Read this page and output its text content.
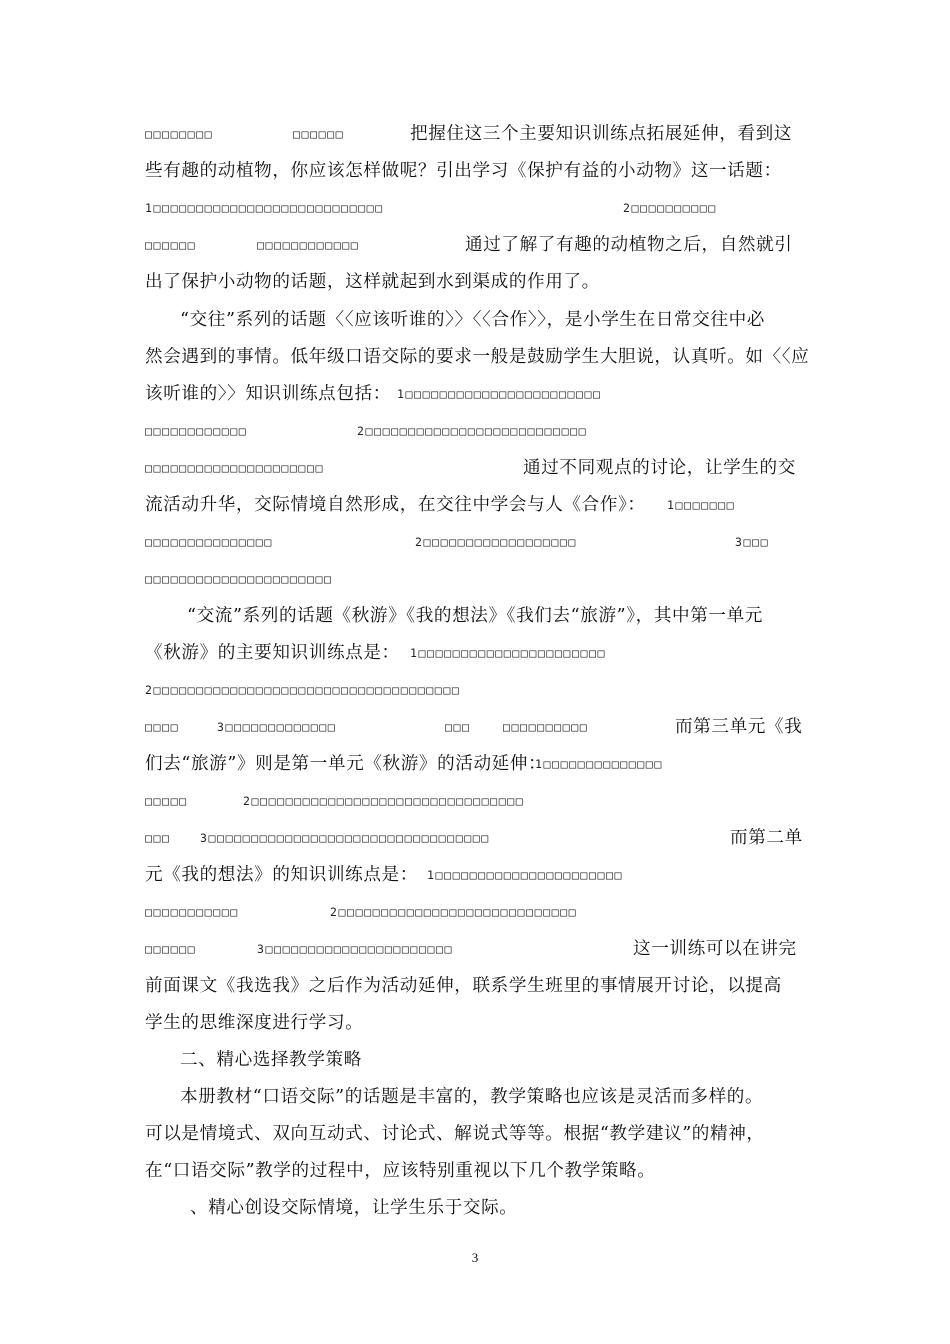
□□□□□□□□	□□□□□□	把握住这三个主要知识训练点拓展延伸，看到这
些有趣的动植物，你应该怎样做呢？引出学习《保护有益的小动物》这一话题：
1□□□□□□□□□□□□□□□□□□□□□□□□□□□	2□□□□□□□□□□
□□□□□□	□□□□□□□□□□□□	通过了解了有趣的动植物之后，自然就引
出了保护小动物的话题，这样就起到水到渠成的作用了。
“交往”系列的话题〈〈应该听谁的〉〉〈〈合作〉〉，是小学生在日常交往中必
然会遇到的事情。低年级口语交际的要求一般是鼓励学生大胆说，认真听。如〈〈应
该听谁的〉〉知识训练点包括： 1□□□□□□□□□□□□□□□□□□□□□□□
□□□□□□□□□□□□	2□□□□□□□□□□□□□□□□□□□□□□□□□□
□□□□□□□□□□□□□□□□□□□□□	通过不同观点的讨论，让学生的交
流活动升华，交际情境自然形成，在交往中学会与人《合作》： 1□□□□□□□
□□□□□□□□□□□□□□□	2□□□□□□□□□□□□□□□□□□	3□□□
□□□□□□□□□□□□□□□□□□□□□□
“交流”系列的话题《秋游》《我的想法》《我们去“旅游”》，其中第一单元
《秋游》的主要知识训练点是： 1□□□□□□□□□□□□□□□□□□□□□□
2□□□□□□□□□□□□□□□□□□□□□□□□□□□□□□□□□□□□
□□□□	3□□□□□□□□□□□□□	□□□	□□□□□□□□□□	而第三单元《我
们去“旅游”》则是第一单元《秋游》的活动延伸：
1□□□□□□□□□□□□□□
□□□□□	2□□□□□□□□□□□□□□□□□□□□□□□□□□□□□□□□
□□□	3□□□□□□□□□□□□□□□□□□□□□□□□□□□□□□□□□	而第二单
元《我的想法》的知识训练点是： 1□□□□□□□□□□□□□□□□□□□□□□
□□□□□□□□□□□	2□□□□□□□□□□□□□□□□□□□□□□□□□□□□
□□□□□□	3□□□□□□□□□□□□□□□□□□□□□□	这一训练可以在讲完
前面课文《我选我》之后作为活动延伸，联系学生班里的事情展开讨论，以提高
学生的思维深度进行学习。
二、精心选择教学策略
本册教材“口语交际”的话题是丰富的，教学策略也应该是灵活而多样的。
可以是情境式、双向互动式、讨论式、解说式等等。根据“教学建议”的精神，
在“口语交际”教学的过程中，应该特别重视以下几个教学策略。
、精心创设交际情境，让学生乐于交际。
3
